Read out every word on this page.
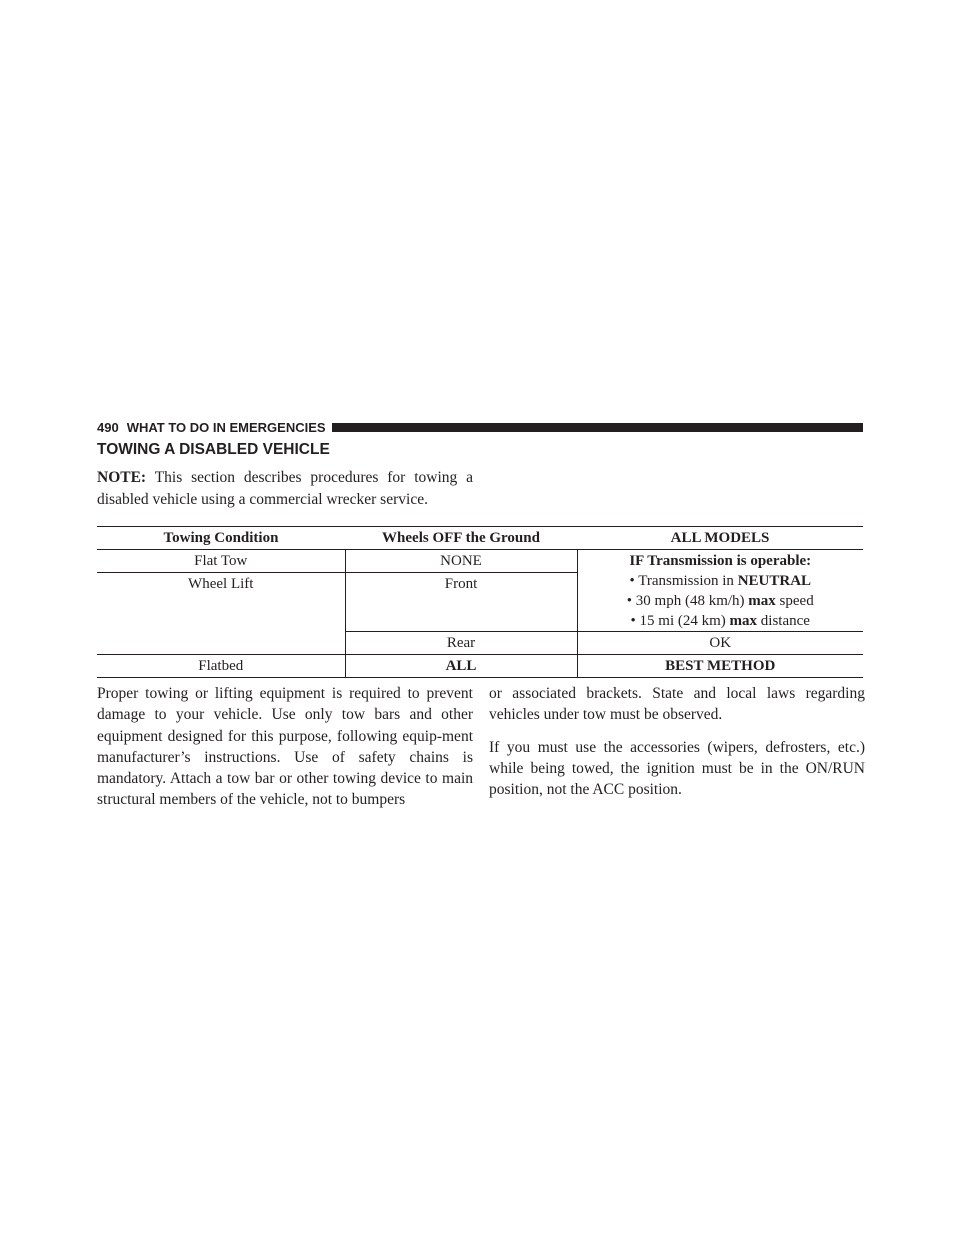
490 WHAT TO DO IN EMERGENCIES
TOWING A DISABLED VEHICLE
NOTE: This section describes procedures for towing a disabled vehicle using a commercial wrecker service.
Towing Condition	Wheels OFF the Ground	ALL MODELS
Flat Tow	NONE	IF Transmission is operable:
• Transmission in NEUTRAL
• 30 mph (48 km/h) max speed
• 15 mi (24 km) max distance

Wheel Lift	Front	
	Rear	OK
Flatbed	ALL	BEST METHOD

Proper towing or lifting equipment is required to prevent damage to your vehicle. Use only tow bars and other equipment designed for this purpose, following equip-ment manufacturer’s instructions. Use of safety chains is mandatory. Attach a tow bar or other towing device to main structural members of the vehicle, not to bumpers

or associated brackets. State and local laws regarding vehicles under tow must be observed.

If you must use the accessories (wipers, defrosters, etc.) while being towed, the ignition must be in the ON/RUN position, not the ACC position.
